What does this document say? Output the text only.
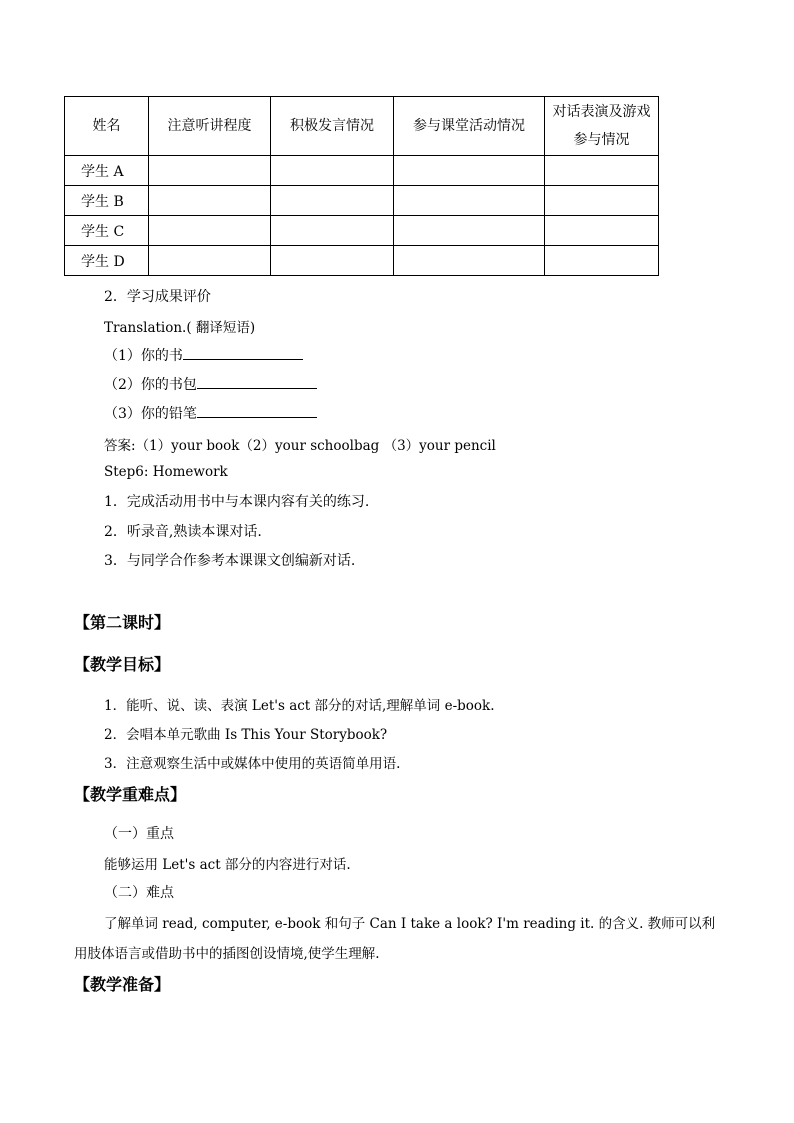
姓名	注意听讲程度	积极发言情况	参与课堂活动情况	对话表演及游戏参与情况

学生 A				
学生 B				
学生 C				
学生 D				
2．学习成果评价
Translation.( 翻译短语)
（1）你的书
（2）你的书包
（3）你的铅笔
答案:（1）your book（2）your schoolbag （3）your pencil
Step6: Homework
1．完成活动用书中与本课内容有关的练习.
2．听录音,熟读本课对话.
3．与同学合作参考本课课文创编新对话.
【第二课时】
【教学目标】
1．能听、说、读、表演 Let's act 部分的对话,理解单词 e-book.
2．会唱本单元歌曲 Is This Your Storybook?
3．注意观察生活中或媒体中使用的英语简单用语.
【教学重难点】
（一）重点
能够运用 Let's act 部分的内容进行对话.
（二）难点
了解单词 read, computer, e-book 和句子 Can I take a look? I'm reading it. 的含义. 教师可以利
用肢体语言或借助书中的插图创设情境,使学生理解.
【教学准备】
